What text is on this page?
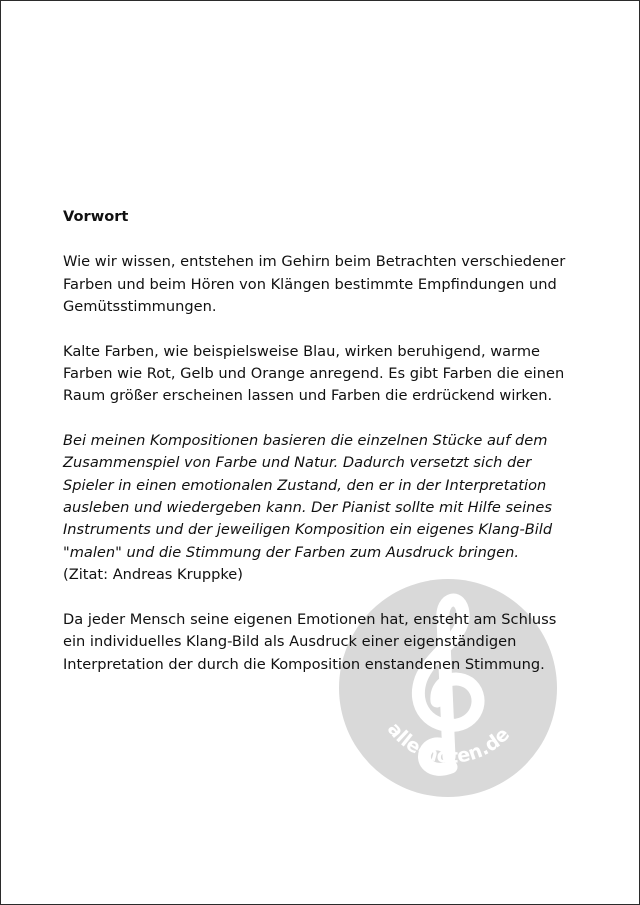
alle-noten.de
Vorwort

Wie wir wissen, entstehen im Gehirn beim Betrachten verschiedener

Farben und beim Hören von Klängen bestimmte Empfindungen und

Gemütsstimmungen.

Kalte Farben, wie beispielsweise Blau, wirken beruhigend, warme

Farben wie Rot, Gelb und Orange anregend. Es gibt Farben die einen

Raum größer erscheinen lassen und Farben die erdrückend wirken.

Bei meinen Kompositionen basieren die einzelnen Stücke auf dem

Zusammenspiel von Farbe und Natur. Dadurch versetzt sich der

Spieler in einen emotionalen Zustand, den er in der Interpretation

ausleben und wiedergeben kann. Der Pianist sollte mit Hilfe seines

Instruments und der jeweiligen Komposition ein eigenes Klang-Bild

"malen" und die Stimmung der Farben zum Ausdruck bringen.

(Zitat: Andreas Kruppke)

Da jeder Mensch seine eigenen Emotionen hat, ensteht am Schluss

ein individuelles Klang-Bild als Ausdruck einer eigenständigen

Interpretation der durch die Komposition enstandenen Stimmung.
